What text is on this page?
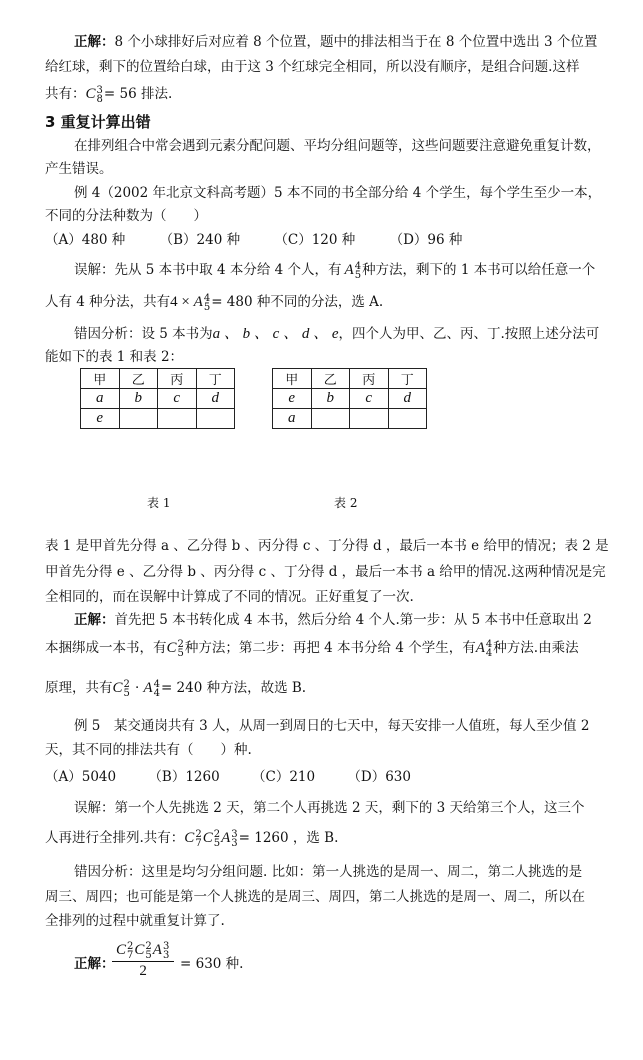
正解：8 个小球排好后对应着 8 个位置，题中的排法相当于在 8 个位置中选出 3 个位置
给红球，剩下的位置给白球，由于这 3 个红球完全相同，所以没有顺序，是组合问题.这样
共有：C 3
8 = 56 排法.
3 重复计算出错
在排列组合中常会遇到元素分配问题、平均分组问题等，这些问题要注意避免重复计数，
产生错误。
例 4（2002 年北京文科高考题）5 本不同的书全部分给 4 个学生，每个学生至少一本，
不同的分法种数为（　　）
（A）480 种	（B）240 种	（C）120 种	（D）96 种
误解：先从 5 本书中取 4 本分给 4 个人，有 A 4
5 种方法，剩下的 1 本书可以给任意一个
人有 4 种分法，共有4 × A 4
5 = 480 种不同的分法，选 A.
错因分析：设 5 本书为a 、 b 、 c 、 d 、 e，四个人为甲、乙、丙、丁.按照上述分法可
能如下的表 1 和表 2：
甲	乙	丙	丁
a	b	c	d
e			
表 1
甲	乙	丙	丁
e	b	c	d
a			
表 2
表 1 是甲首先分得 a 、乙分得 b 、丙分得 c 、丁分得 d ，最后一本书 e 给甲的情况；表 2 是
甲首先分得 e 、乙分得 b 、丙分得 c 、丁分得 d ，最后一本书 a 给甲的情况.这两种情况是完
全相同的，而在误解中计算成了不同的情况。正好重复了一次.
正解：首先把 5 本书转化成 4 本书，然后分给 4 个人.第一步：从 5 本书中任意取出 2
本捆绑成一本书，有C 2
5 种方法；第二步：再把 4 本书分给 4 个学生，有A 4
4 种方法.由乘法
原理，共有C 2
5 · A 4
4 = 240 种方法，故选 B.
例 5　某交通岗共有 3 人，从周一到周日的七天中，每天安排一人值班，每人至少值 2
天，其不同的排法共有（　　）种.
（A）5040 （B）1260 （C）210 （D）630
误解：第一个人先挑选 2 天，第二个人再挑选 2 天，剩下的 3 天给第三个人，这三个
人再进行全排列.共有：C 2
7 C 2
5 A 3
3 = 1260 ，选 B.
错因分析：这里是均匀分组问题. 比如：第一人挑选的是周一、周二，第二人挑选的是
周三、周四；也可能是第一个人挑选的是周三、周四，第二人挑选的是周一、周二，所以在
全排列的过程中就重复计算了.
正解：
C 2
7 C 2
5 A 3
3
2 = 630 种.
